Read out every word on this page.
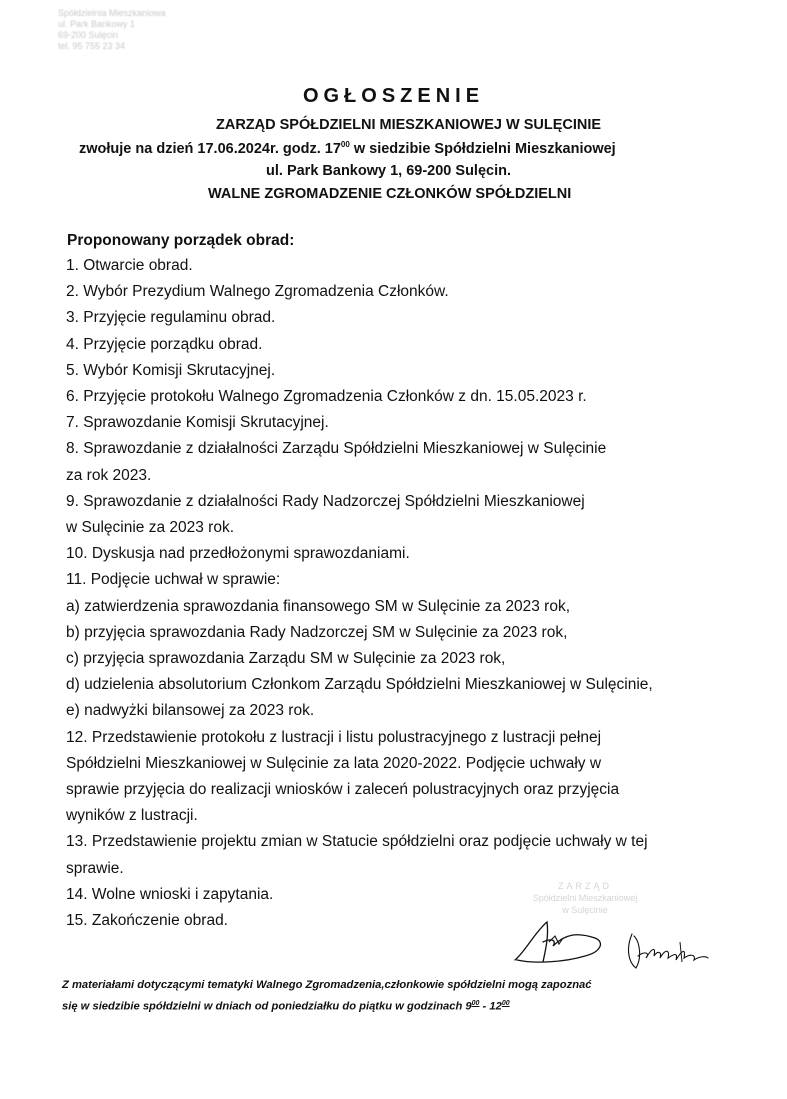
Spółdzielnia Mieszkaniowa
ul. Park Bankowy 1
69-200 Sulęcin
tel. 95 755 23 34
OGŁOSZENIE
ZARZĄD SPÓŁDZIELNI MIESZKANIOWEJ W SULĘCINIE
zwołuje na dzień 17.06.2024r. godz. $17^{00}$ w siedzibie Spółdzielni Mieszkaniowej
ul. Park Bankowy 1, 69-200 Sulęcin.
WALNE ZGROMADZENIE CZŁONKÓW SPÓŁDZIELNI
Proponowany porządek obrad:
1. Otwarcie obrad.
2. Wybór Prezydium Walnego Zgromadzenia Członków.
3. Przyjęcie regulaminu obrad.
4. Przyjęcie porządku obrad.
5. Wybór Komisji Skrutacyjnej.
6. Przyjęcie protokołu Walnego Zgromadzenia Członków z dn. 15.05.2023 r.
7. Sprawozdanie Komisji Skrutacyjnej.
8. Sprawozdanie z działalności Zarządu Spółdzielni Mieszkaniowej w Sulęcinie
za rok 2023.
9. Sprawozdanie z działalności Rady Nadzorczej Spółdzielni Mieszkaniowej
w Sulęcinie za 2023 rok.
10. Dyskusja nad przedłożonymi sprawozdaniami.
11. Podjęcie uchwał w sprawie:
a) zatwierdzenia sprawozdania finansowego SM w Sulęcinie za 2023 rok,
b) przyjęcia sprawozdania Rady Nadzorczej SM w Sulęcinie za 2023 rok,
c) przyjęcia sprawozdania Zarządu SM w Sulęcinie za 2023 rok,
d) udzielenia absolutorium Członkom Zarządu Spółdzielni Mieszkaniowej w Sulęcinie,
e) nadwyżki bilansowej za 2023 rok.
12. Przedstawienie protokołu z lustracji i listu polustracyjnego z lustracji pełnej
Spółdzielni Mieszkaniowej w Sulęcinie za lata 2020-2022. Podjęcie uchwały w
sprawie przyjęcia do realizacji wniosków i zaleceń polustracyjnych oraz przyjęcia
wyników z lustracji.
13. Przedstawienie projektu zmian w Statucie spółdzielni oraz podjęcie uchwały w tej
sprawie.
14. Wolne wnioski i zapytania.
15. Zakończenie obrad.
ZARZĄD
Spółdzielni Mieszkaniowej
w Sulęcinie
Z materiałami dotyczącymi tematyki Walnego Zgromadzenia,członkowie spółdzielni mogą zapoznać
się w siedzibie spółdzielni w dniach od poniedziałku do piątku w godzinach $9^{00} - 12^{00}$
